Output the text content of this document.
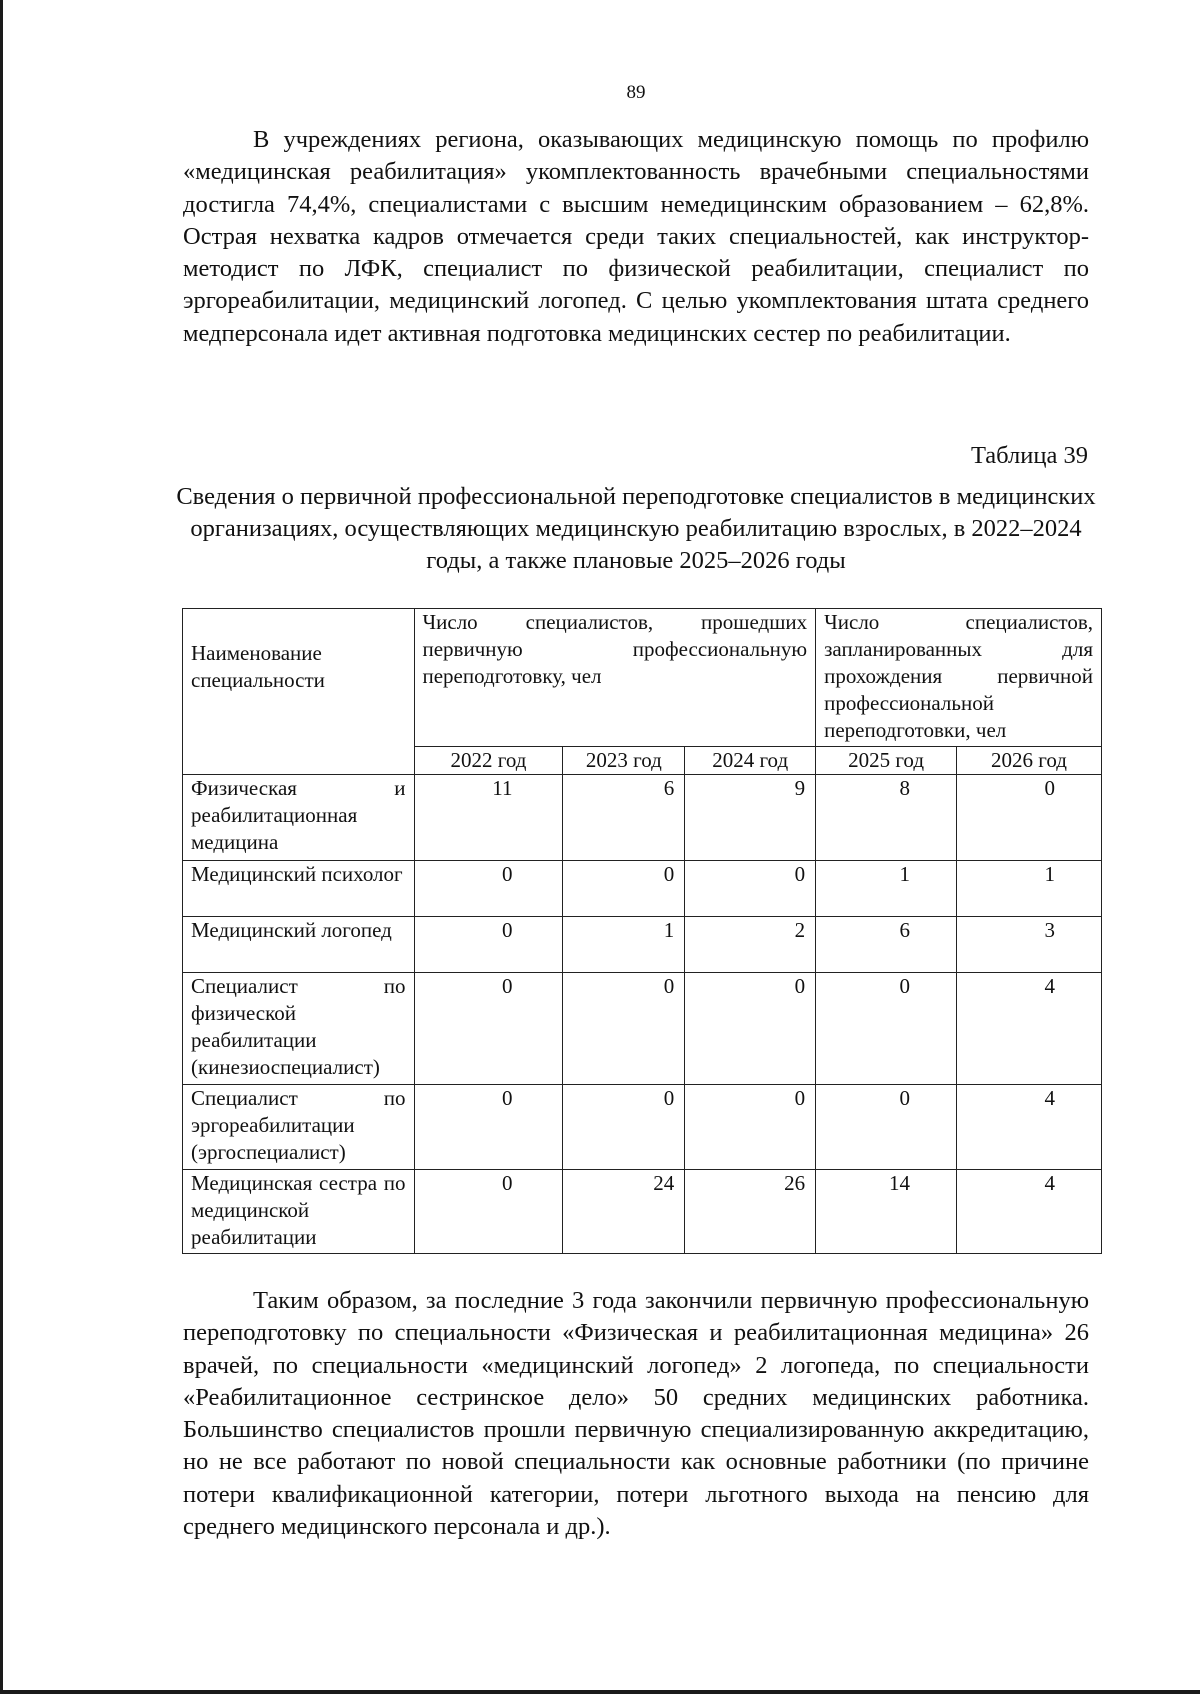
89
В учреждениях региона, оказывающих медицинскую помощь по профилю «медицинская реабилитация» укомплектованность врачебными специальностями достигла 74,4%, специалистами с высшим немедицинским образованием – 62,8%. Острая нехватка кадров отмечается среди таких специальностей, как инструктор-методист по ЛФК, специалист по физической реабилитации, специалист по эргореабилитации, медицинский логопед. С целью укомплектования штата среднего медперсонала идет активная подготовка медицинских сестер по реабилитации.
Таблица 39
Сведения о первичной профессиональной переподготовке специалистов в медицинских организациях, осуществляющих медицинскую реабилитацию взрослых, в 2022–2024 годы, а также плановые 2025–2026 годы
Наименование специальности	Число специалистов, прошедших первичную профессиональную переподготовку, чел			Число специалистов, запланированных для прохождения первичной профессиональной переподготовки, чел	
	2022 год	2023 год	2024 год	2025 год	2026 год
Физическая и реабилитационная медицина	11	6	9	8	0
Медицинский психолог	0	0	0	1	1
Медицинский логопед	0	1	2	6	3
Специалист по физической реабилитации (кинезиоспециалист)	0	0	0	0	4
Специалист по эргореабилитации (эргоспециалист)	0	0	0	0	4
Медицинская сестра по медицинской реабилитации	0	24	26	14	4
Таким образом, за последние 3 года закончили первичную профессиональную переподготовку по специальности «Физическая и реабилитационная медицина» 26 врачей, по специальности «медицинский логопед» 2 логопеда, по специальности «Реабилитационное сестринское дело» 50 средних медицинских работника. Большинство специалистов прошли первичную специализированную аккредитацию, но не все работают по новой специальности как основные работники (по причине потери квалификационной категории, потери льготного выхода на пенсию для среднего медицинского персонала и др.).
